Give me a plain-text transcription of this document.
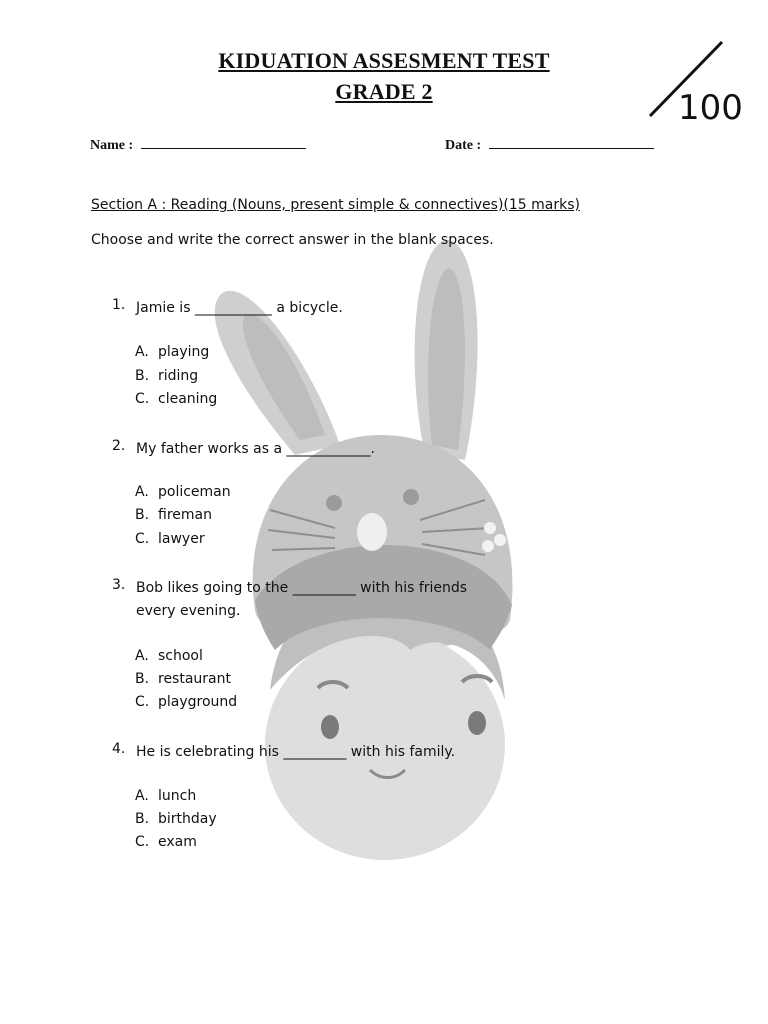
KIDUATION ASSESMENT TEST
GRADE 2	100
Name :	Date :
Section A : Reading (Nouns, present simple & connectives)(15 marks)
Choose and write the correct answer in the blank spaces.
1. Jamie is ___________ a bicycle.
A. playing
B. riding
C. cleaning
2. My father works as a ____________.
A. policeman
B. fireman
C. lawyer
3. Bob likes going to the _________ with his friends
every evening.
A. school
B. restaurant
C. playground
4. He is celebrating his _________ with his family.
A. lunch
B. birthday
C. exam
